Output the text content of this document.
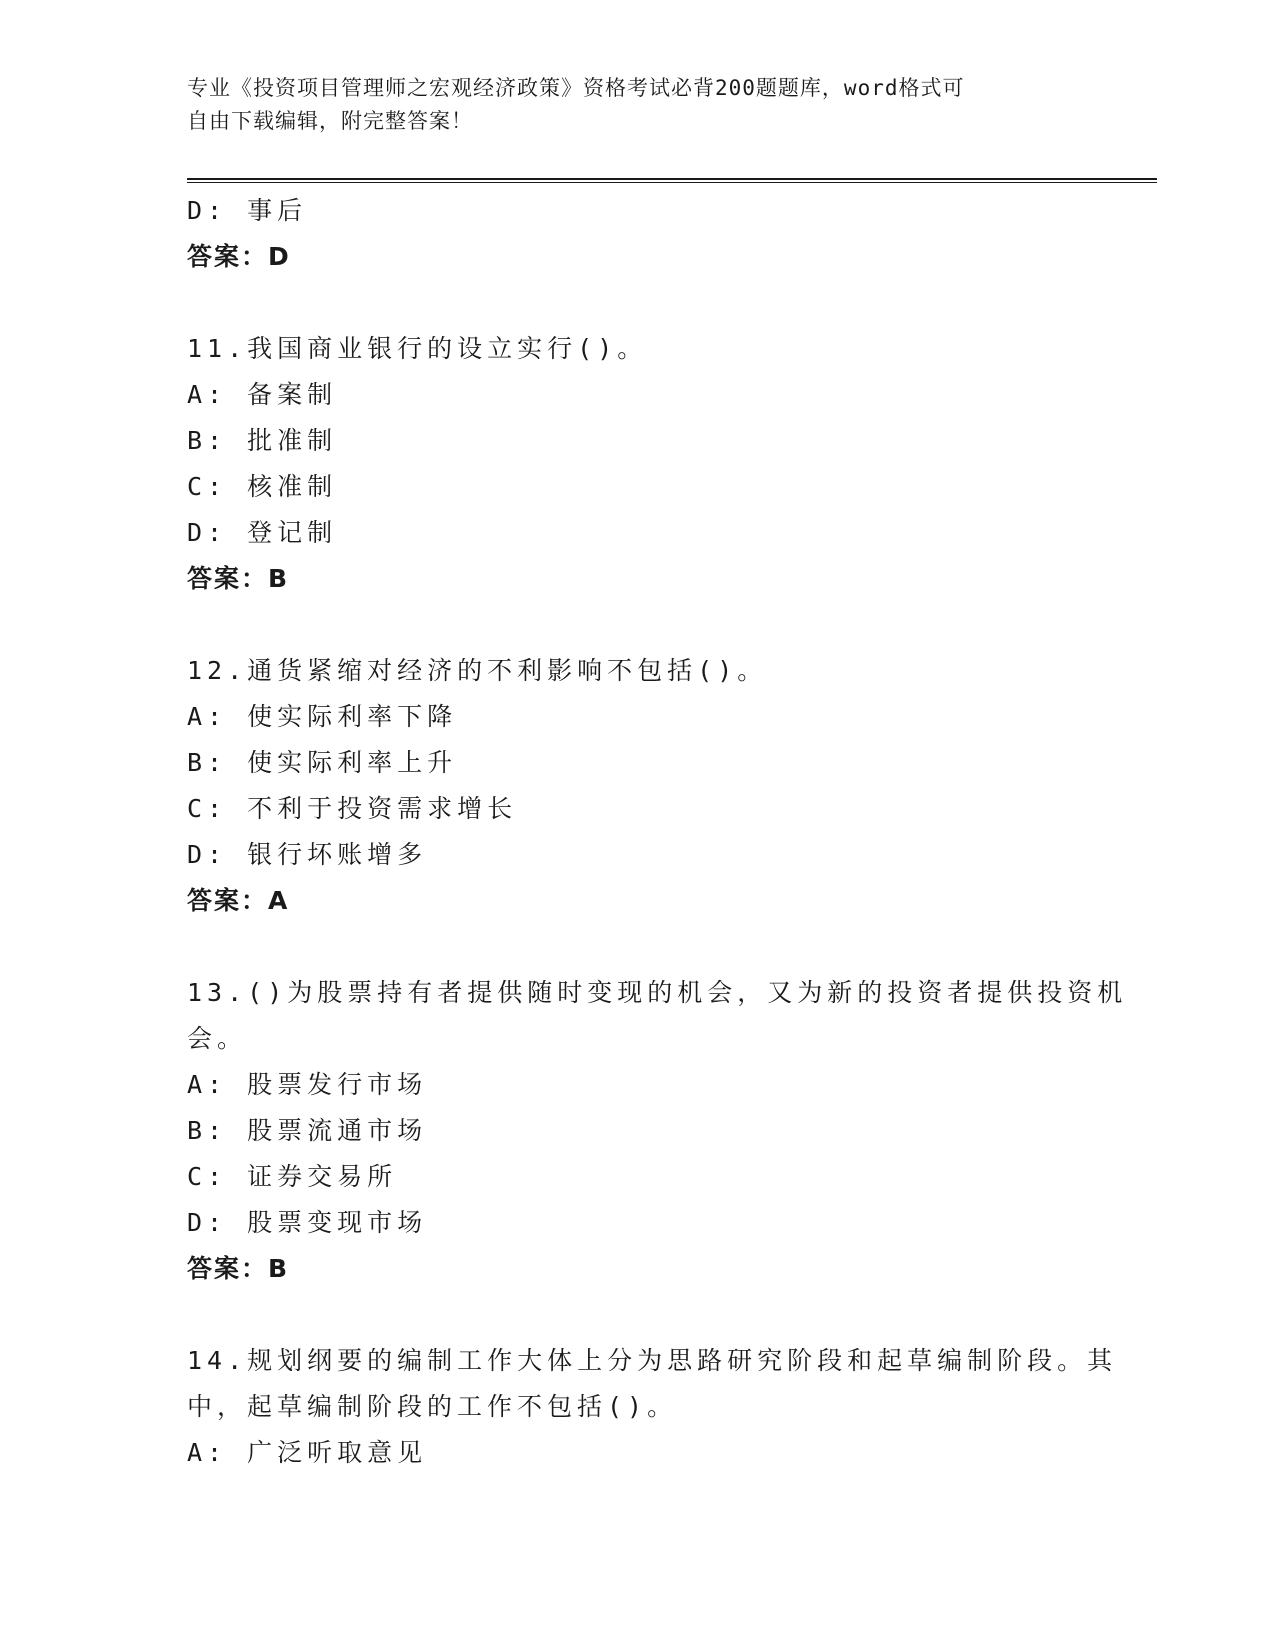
专业《投资项目管理师之宏观经济政策》资格考试必背200题题库，word格式可
自由下载编辑，附完整答案！
D: 事后
答案：D
11.我国商业银行的设立实行()。
A: 备案制
B: 批准制
C: 核准制
D: 登记制
答案：B
12.通货紧缩对经济的不利影响不包括()。
A: 使实际利率下降
B: 使实际利率上升
C: 不利于投资需求增长
D: 银行坏账增多
答案：A
13.()为股票持有者提供随时变现的机会，又为新的投资者提供投资机
会。
A: 股票发行市场
B: 股票流通市场
C: 证券交易所
D: 股票变现市场
答案：B
14.规划纲要的编制工作大体上分为思路研究阶段和起草编制阶段。其
中，起草编制阶段的工作不包括()。
A: 广泛听取意见
